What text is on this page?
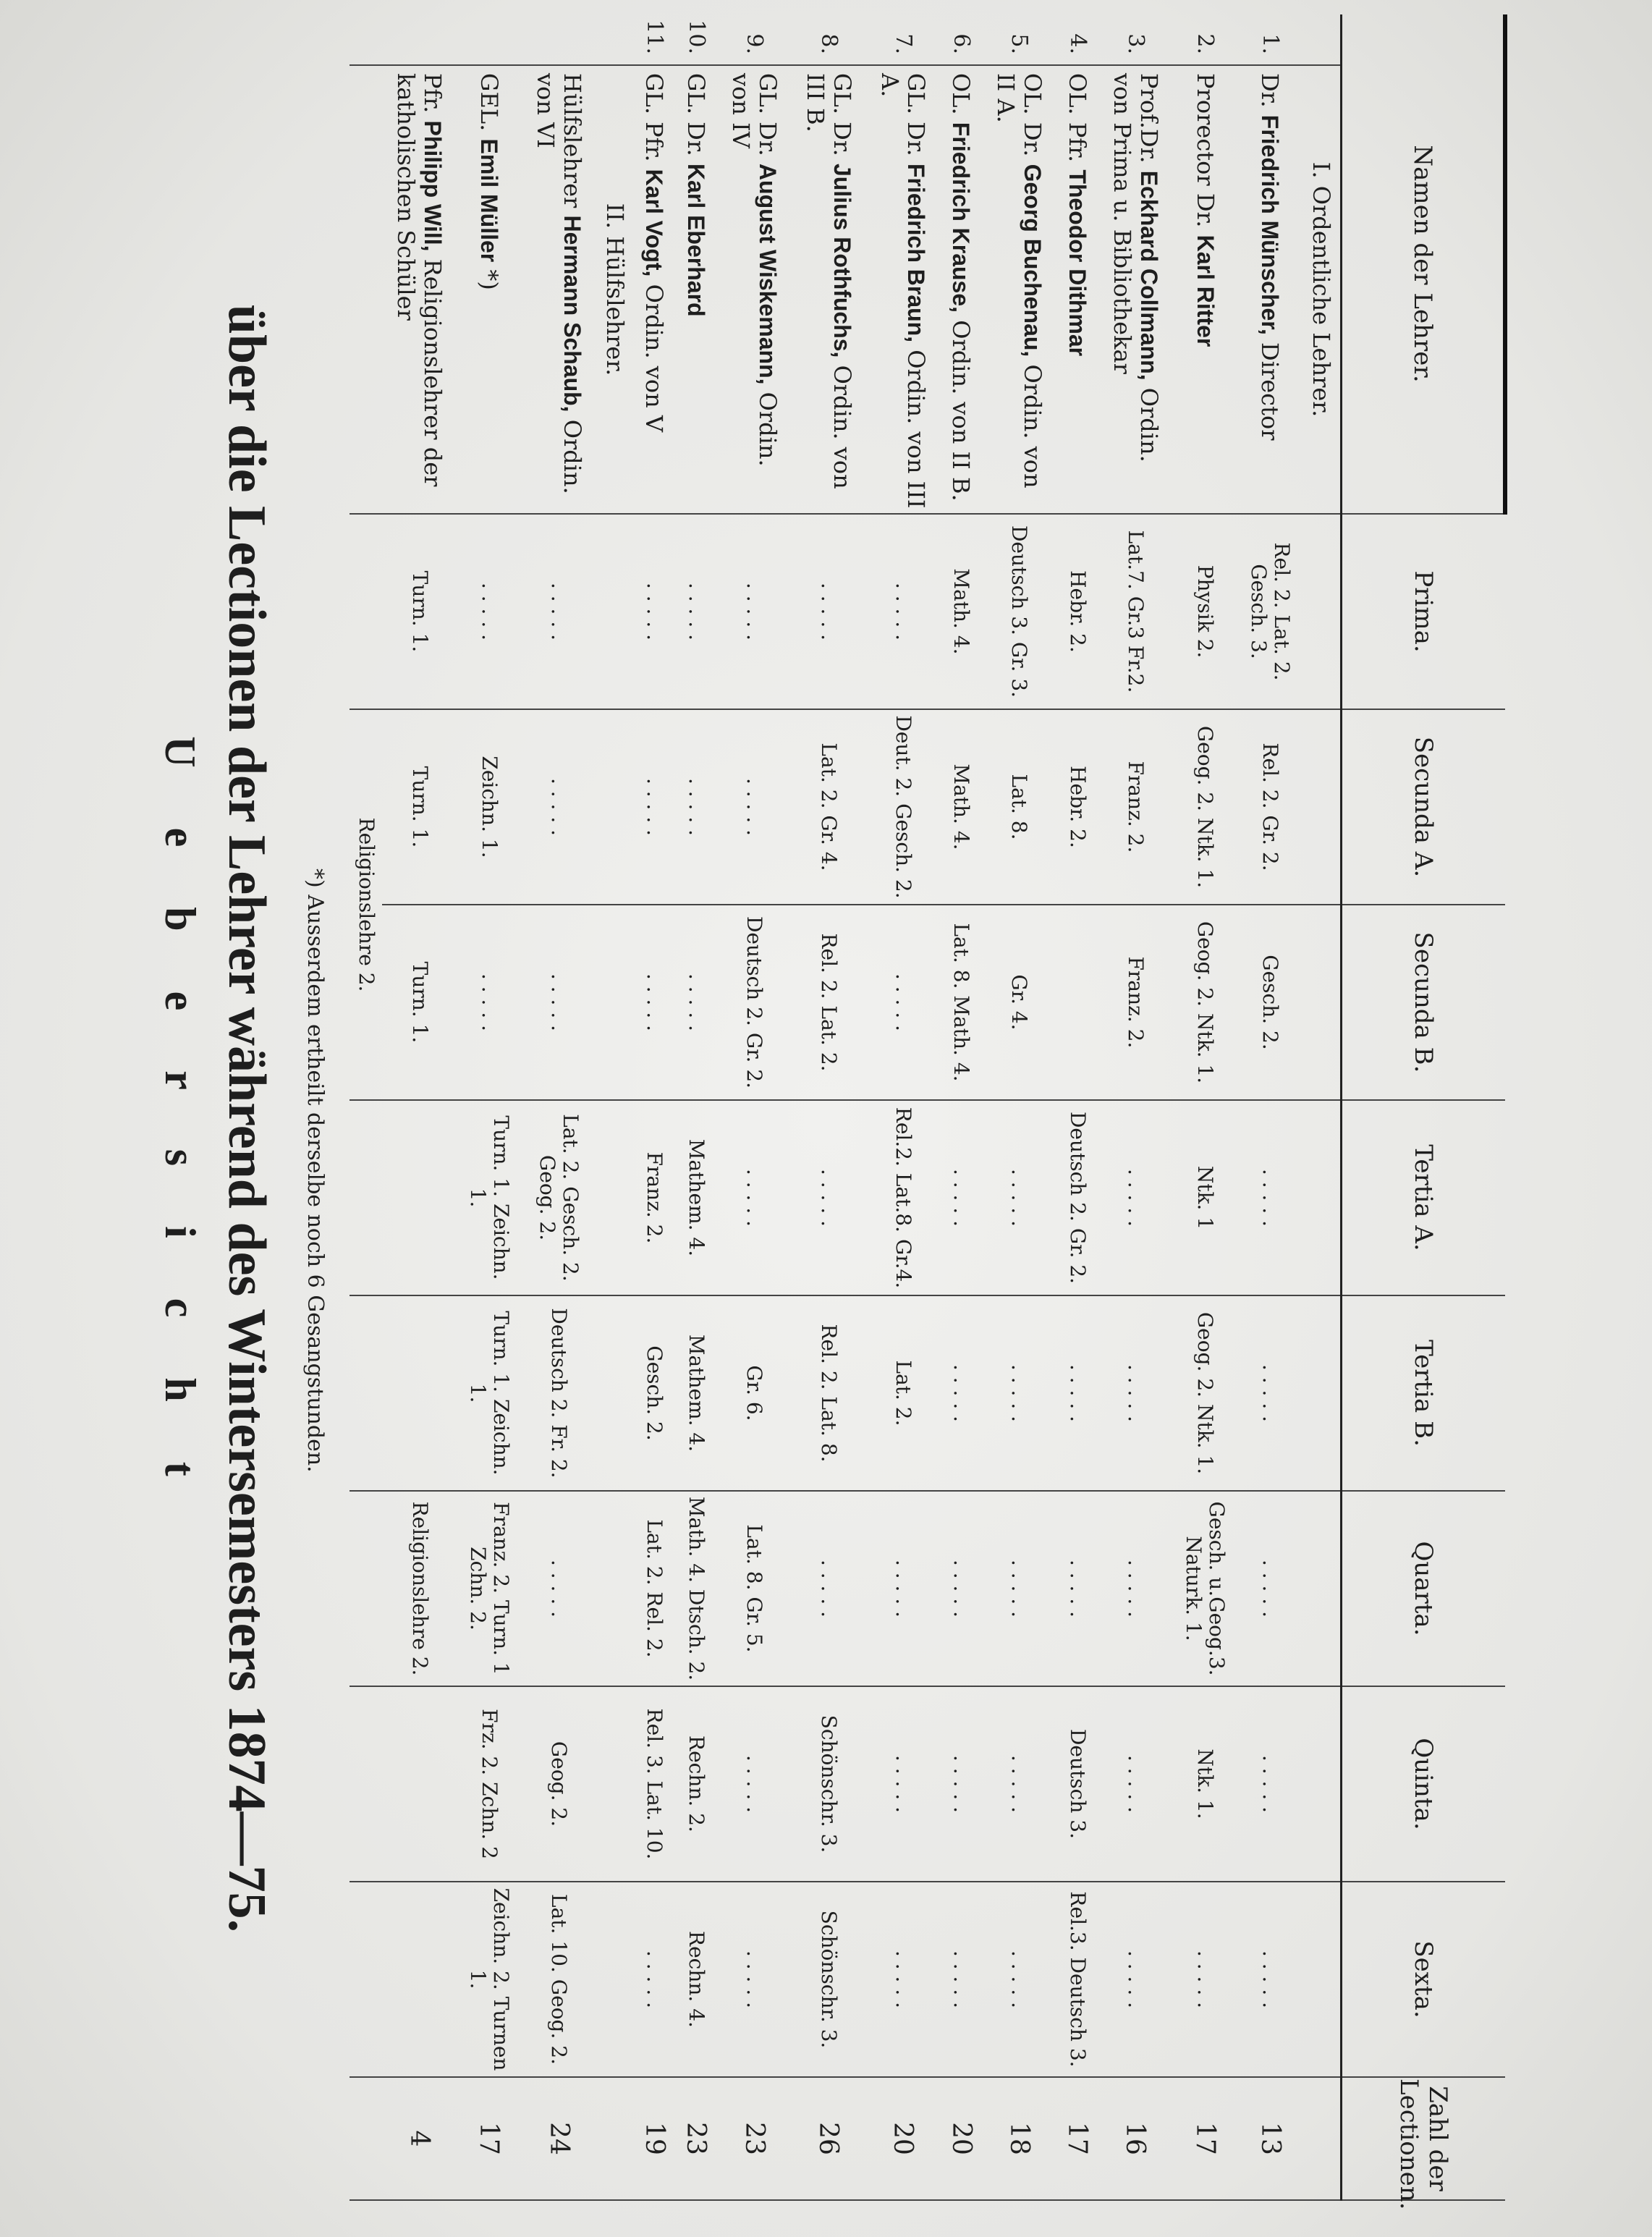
über die Lectionen der Lehrer während des Wintersemesters 1874—75.
U e b e r s i c h t
Namen der Lehrer.		Prima.	Secunda A.	Secunda B.	Tertia A.	Tertia B.	Quarta.	Quinta.	Sexta.	Zahl der Lectionen.
	I. Ordentliche Lehrer.									
1.	Dr. Friedrich Münscher, Director	Rel. 2. Lat. 2. Gesch. 3.	Rel. 2. Gr. 2.	Gesch. 2.	. . . . .	. . . . .	. . . . .	. . . . .	. . . . .	13
2.	Prorector Dr. Karl Ritter	Physik 2.	Geog. 2. Ntk. 1.	Geog. 2. Ntk. 1.	Ntk. 1	Geog. 2. Ntk. 1.	Gesch. u.Geog.3. Naturk. 1.	Ntk. 1.	. . . . .	17
3.	Prof.Dr. Eckhard Collmann, Ordin. von Prima u. Bibliothekar	Lat.7. Gr.3 Fr.2.	Franz. 2.	Franz. 2.	. . . . .	. . . . .	. . . . .	. . . . .	. . . . .	16
4.	OL. Pfr. Theodor Dithmar	Hebr. 2.	Hebr. 2.		Deutsch 2. Gr. 2.	. . . . .	. . . . .	Deutsch 3.	Rel.3. Deutsch 3.	17
5.	OL. Dr. Georg Buchenau, Ordin. von II A.	Deutsch 3. Gr. 3.	Lat. 8.	Gr. 4.	. . . . .	. . . . .	. . . . .	. . . . .	. . . . .	18
6.	OL. Friedrich Krause, Ordin. von II B.	Math. 4.	Math. 4.	Lat. 8. Math. 4.	. . . . .	. . . . .	. . . . .	. . . . .	. . . . .	20
7.	GL. Dr. Friedrich Braun, Ordin. von III A.	. . . . .	Deut. 2. Gesch. 2.	. . . . .	Rel.2. Lat.8. Gr.4.	Lat. 2.	. . . . .	. . . . .	. . . . .	20
8.	GL. Dr. Julius Rothfuchs, Ordin. von III B.	. . . . .	Lat. 2. Gr. 4.	Rel. 2. Lat. 2.	. . . . .	Rel. 2. Lat. 8.	. . . . .	Schönschr. 3.	Schönschr. 3.	26
9.	GL. Dr. August Wiskemann, Ordin. von IV	. . . . .	. . . . .	Deutsch 2. Gr. 2.	. . . . .	Gr. 6.	Lat. 8. Gr. 5.	. . . . .	. . . . .	23
10.	GL. Dr. Karl Eberhard	. . . . .	. . . . .	. . . . .	Mathem. 4.	Mathem. 4.	Math. 4. Dtsch. 2.	Rechn. 2.	Rechn. 4.	23
11.	GL. Pfr. Karl Vogt, Ordin. von V	. . . . .	. . . . .	. . . . .	Franz. 2.	Gesch. 2.	Lat. 2. Rel. 2.	Rel. 3. Lat. 10.	. . . . .	19
	II. Hülfslehrer.									
	Hülfslehrer Hermann Schaub, Ordin. von VI	. . . . .	. . . . .	. . . . .	Lat. 2. Gesch. 2. Geog. 2.	Deutsch 2. Fr. 2.	. . . . .	Geog. 2.	Lat. 10. Geog. 2.	24
	GEL. Emil Müller *)	. . . . .	Zeichn. 1.	. . . . .	Turn. 1. Zeichn. 1.	Turn. 1. Zeichn. 1.	Franz. 2. Turn. 1 Zchn. 2.	Frz. 2. Zchn. 2	Zeichn. 2. Turnen 1.	17
	Pfr. Philipp Will, Religionslehrer der katholischen Schüler	Turn. 1.	Turn. 1.	Turn. 1.			Religionslehre 2.			4
			Religionslehre 2.							
*) Ausserdem ertheilt derselbe noch 6 Gesangstunden.
